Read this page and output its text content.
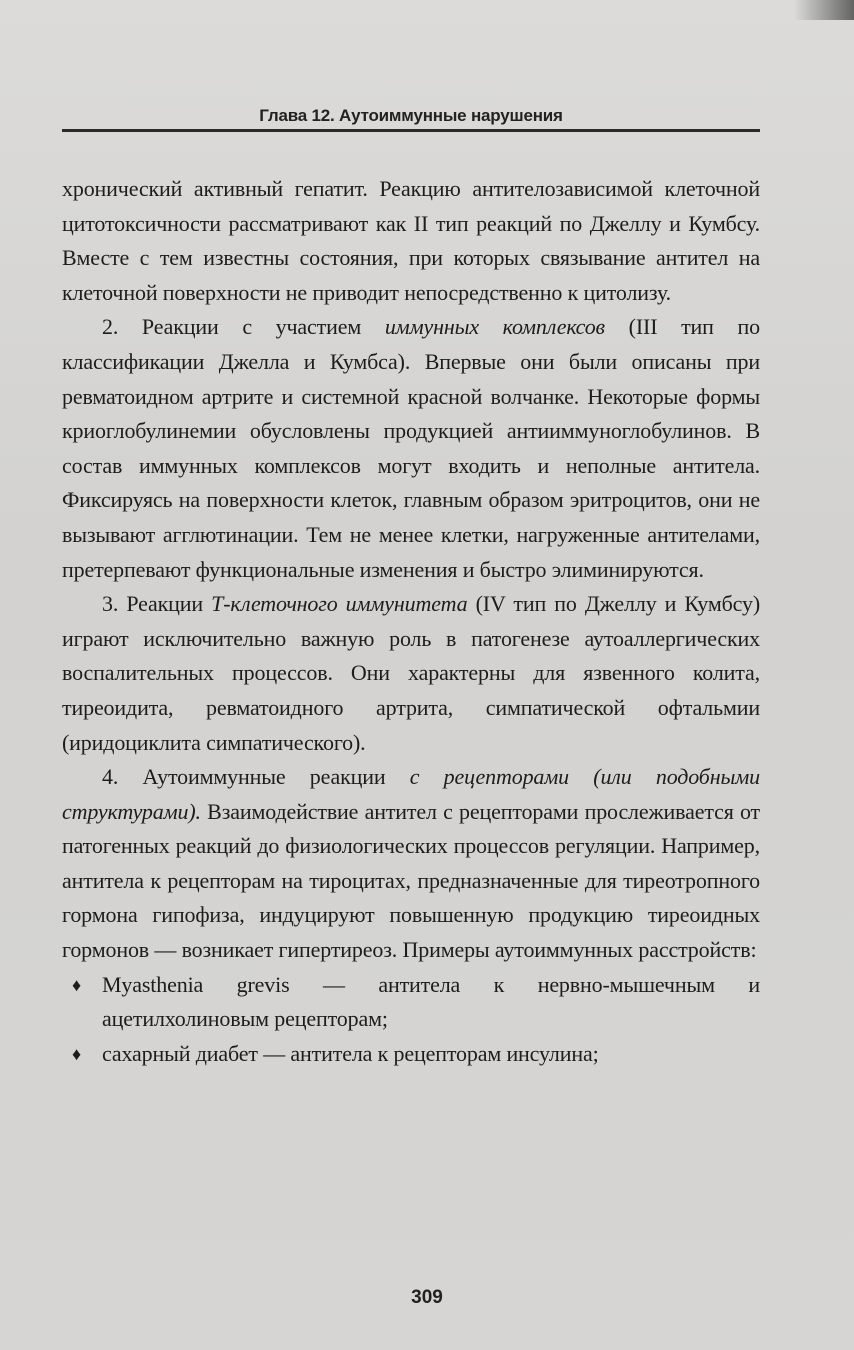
Глава 12. Аутоиммунные нарушения

хронический активный гепатит. Реакцию антителозависимой клеточной цитотоксичности рассматривают как II тип реакций по Джеллу и Кумбсу. Вместе с тем известны состояния, при которых связывание антител на клеточной поверхности не приводит непосредственно к цитолизу.

2. Реакции с участием иммунных комплексов (III тип по классификации Джелла и Кумбса). Впервые они были описаны при ревматоидном артрите и системной красной волчанке. Некоторые формы криоглобулинемии обусловлены продукцией антииммуноглобулинов. В состав иммунных комплексов могут входить и неполные антитела. Фиксируясь на поверхности клеток, главным образом эритроцитов, они не вызывают агглютинации. Тем не менее клетки, нагруженные антителами, претерпевают функциональные изменения и быстро элиминируются.

3. Реакции Т-клеточного иммунитета (IV тип по Джеллу и Кумбсу) играют исключительно важную роль в патогенезе аутоаллергических воспалительных процессов. Они характерны для язвенного колита, тиреоидита, ревматоидного артрита, симпатической офтальмии (иридоциклита симпатического).

4. Аутоиммунные реакции с рецепторами (или подобными структурами). Взаимодействие антител с рецепторами прослеживается от патогенных реакций до физиологических процессов регуляции. Например, антитела к рецепторам на тироцитах, предназначенные для тиреотропного гормона гипофиза, индуцируют повышенную продукцию тиреоидных гормонов — возникает гипертиреоз. Примеры аутоиммунных расстройств:

♦ Myasthenia grevis — антитела к нервно-мышечным и ацетилхолиновым рецепторам;
♦ сахарный диабет — антитела к рецепторам инсулина;
309
